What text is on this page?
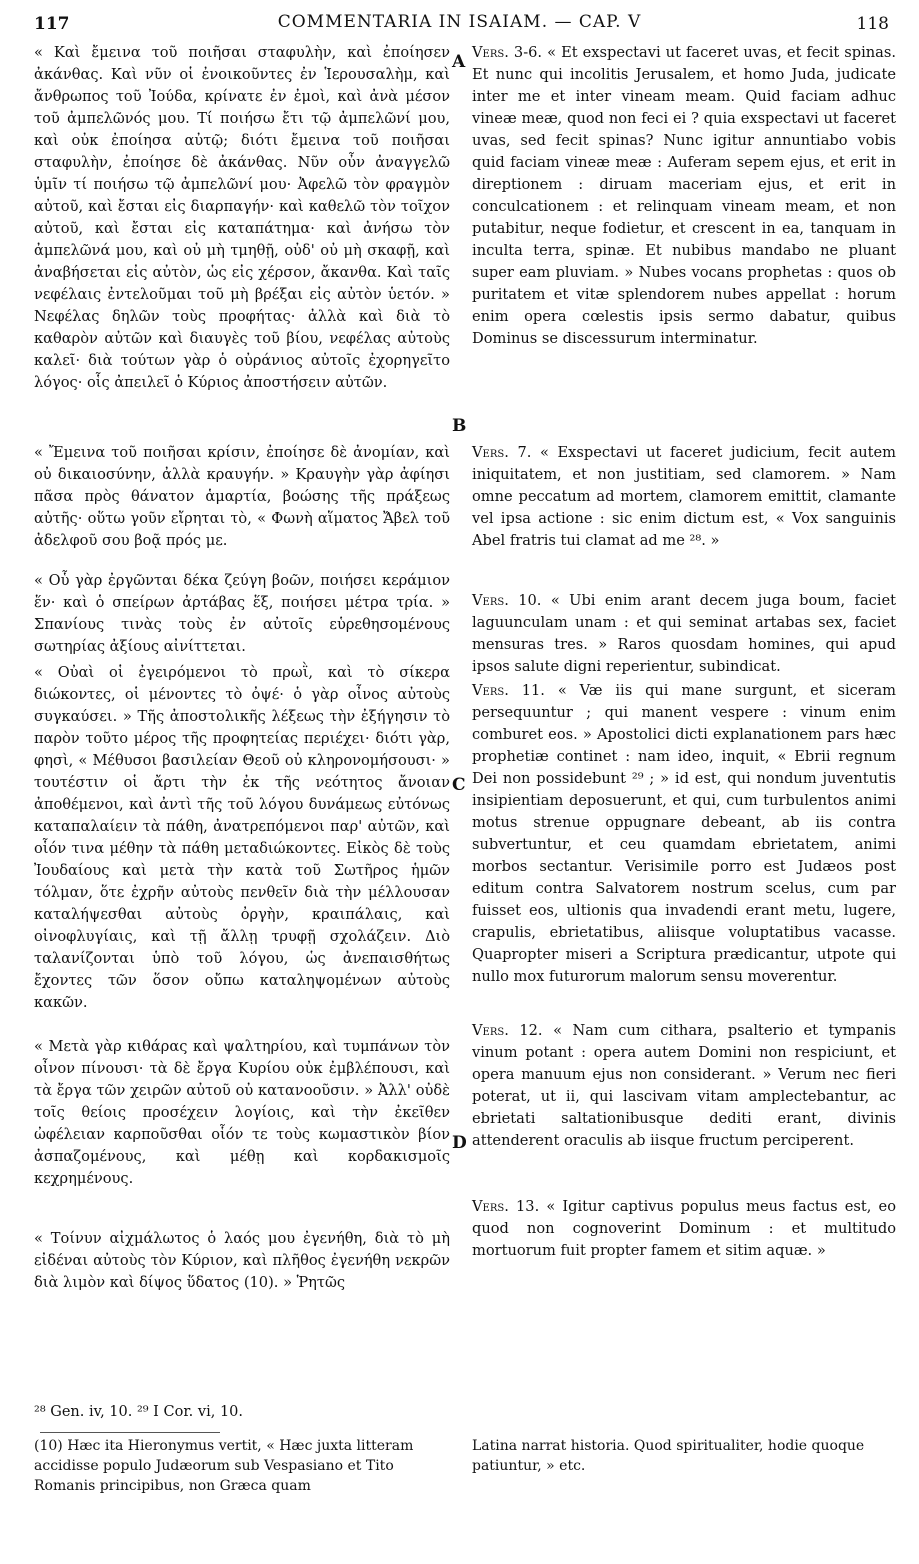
117	COMMENTARIA IN ISAIAM. — CAP. V	118

« Καὶ ἔμεινα τοῦ ποιῆσαι σταφυλὴν, καὶ ἐποίησεν ἀκάνθας. Καὶ νῦν οἱ ἐνοικοῦντες ἐν Ἱερουσαλὴμ, καὶ ἄνθρωπος τοῦ Ἰούδα, κρίνατε ἐν ἐμοὶ, καὶ ἀνὰ μέσον τοῦ ἀμπελῶνός μου. Τί ποιήσω ἔτι τῷ ἀμπελῶνί μου, καὶ οὐκ ἐποίησα αὐτῷ; διότι ἔμεινα τοῦ ποιῆσαι σταφυλὴν, ἐποίησε δὲ ἀκάνθας. Νῦν οὖν ἀναγγελῶ ὑμῖν τί ποιήσω τῷ ἀμπελῶνί μου· Ἀφελῶ τὸν φραγμὸν αὐτοῦ, καὶ ἔσται εἰς διαρπαγήν· καὶ καθελῶ τὸν τοῖχον αὐτοῦ, καὶ ἔσται εἰς καταπάτημα· καὶ ἀνήσω τὸν ἀμπελῶνά μου, καὶ οὐ μὴ τμηθῇ, οὐδ' οὐ μὴ σκαφῇ, καὶ ἀναβήσεται εἰς αὐτὸν, ὡς εἰς χέρσον, ἄκανθα. Καὶ ταῖς νεφέλαις ἐντελοῦμαι τοῦ μὴ βρέξαι εἰς αὐτὸν ὑετόν. » Νεφέλας δηλῶν τοὺς προφήτας· ἀλλὰ καὶ διὰ τὸ καθαρὸν αὐτῶν καὶ διαυγὲς τοῦ βίου, νεφέλας αὐτοὺς καλεῖ· διὰ τούτων γὰρ ὁ οὐράνιος αὐτοῖς ἐχορηγεῖτο λόγος· οἷς ἀπειλεῖ ὁ Κύριος ἀποστήσειν αὐτῶν.

« Ἔμεινα τοῦ ποιῆσαι κρίσιν, ἐποίησε δὲ ἀνομίαν, καὶ οὐ δικαιοσύνην, ἀλλὰ κραυγήν. » Κραυγὴν γὰρ ἀφίησι πᾶσα πρὸς θάνατον ἁμαρτία, βοώσης τῆς πράξεως αὐτῆς· οὕτω γοῦν εἴρηται τὸ, « Φωνὴ αἵματος Ἄβελ τοῦ ἀδελφοῦ σου βοᾷ πρός με.

« Οὗ γὰρ ἐργῶνται δέκα ζεύγη βοῶν, ποιήσει κεράμιον ἕν· καὶ ὁ σπείρων ἀρτάβας ἕξ, ποιήσει μέτρα τρία. » Σπανίους τινὰς τοὺς ἐν αὐτοῖς εὑρεθησομένους σωτηρίας ἀξίους αἰνίττεται.

« Οὐαὶ οἱ ἐγειρόμενοι τὸ πρωῒ, καὶ τὸ σίκερα διώκοντες, οἱ μένοντες τὸ ὀψέ· ὁ γὰρ οἶνος αὐτοὺς συγκαύσει. » Τῆς ἀποστολικῆς λέξεως τὴν ἐξήγησιν τὸ παρὸν τοῦτο μέρος τῆς προφητείας περιέχει· διότι γὰρ, φησὶ, « Μέθυσοι βασιλείαν Θεοῦ οὐ κληρονομήσουσι· » τουτέστιν οἱ ἄρτι τὴν ἐκ τῆς νεότητος ἄνοιαν ἀποθέμενοι, καὶ ἀντὶ τῆς τοῦ λόγου δυνάμεως εὐτόνως καταπαλαίειν τὰ πάθη, ἀνατρεπόμενοι παρ' αὐτῶν, καὶ οἷόν τινα μέθην τὰ πάθη μεταδιώκοντες. Εἰκὸς δὲ τοὺς Ἰουδαίους καὶ μετὰ τὴν κατὰ τοῦ Σωτῆρος ἡμῶν τόλμαν, ὅτε ἐχρῆν αὐτοὺς πενθεῖν διὰ τὴν μέλλουσαν καταλήψεσθαι αὐτοὺς ὀργὴν, κραιπάλαις, καὶ οἰνοφλυγίαις, καὶ τῇ ἄλλῃ τρυφῇ σχολάζειν. Διὸ ταλανίζονται ὑπὸ τοῦ λόγου, ὡς ἀνεπαισθήτως ἔχοντες τῶν ὅσον οὔπω καταληψομένων αὐτοὺς κακῶν.

« Μετὰ γὰρ κιθάρας καὶ ψαλτηρίου, καὶ τυμπάνων τὸν οἶνον πίνουσι· τὰ δὲ ἔργα Κυρίου οὐκ ἐμβλέπουσι, καὶ τὰ ἔργα τῶν χειρῶν αὐτοῦ οὐ κατανοοῦσιν. » Ἀλλ' οὐδὲ τοῖς θείοις προσέχειν λογίοις, καὶ τὴν ἐκεῖθεν ὠφέλειαν καρποῦσθαι οἷόν τε τοὺς κωμαστικὸν βίον ἀσπαζομένους, καὶ μέθῃ καὶ κορδακισμοῖς κεχρημένους.

« Τοίνυν αἰχμάλωτος ὁ λαός μου ἐγενήθη, διὰ τὸ μὴ εἰδέναι αὐτοὺς τὸν Κύριον, καὶ πλῆθος ἐγενήθη νεκρῶν διὰ λιμὸν καὶ δίψος ὕδατος (10). » Ῥητῶς

Vers. 3-6. « Et exspectavi ut faceret uvas, et fecit spinas. Et nunc qui incolitis Jerusalem, et homo Juda, judicate inter me et inter vineam meam. Quid faciam adhuc vineæ meæ, quod non feci ei ? quia exspectavi ut faceret uvas, sed fecit spinas? Nunc igitur annuntiabo vobis quid faciam vineæ meæ : Auferam sepem ejus, et erit in direptionem : diruam maceriam ejus, et erit in conculcationem : et relinquam vineam meam, et non putabitur, neque fodietur, et crescent in ea, tanquam in inculta terra, spinæ. Et nubibus mandabo ne pluant super eam pluviam. » Nubes vocans prophetas : quos ob puritatem et vitæ splendorem nubes appellat : horum enim opera cœlestis ipsis sermo dabatur, quibus Dominus se discessurum interminatur.

Vers. 7. « Exspectavi ut faceret judicium, fecit autem iniquitatem, et non justitiam, sed clamorem. » Nam omne peccatum ad mortem, clamorem emittit, clamante vel ipsa actione : sic enim dictum est, « Vox sanguinis Abel fratris tui clamat ad me ²⁸. »

Vers. 10. « Ubi enim arant decem juga boum, faciet laguunculam unam : et qui seminat artabas sex, faciet mensuras tres. » Raros quosdam homines, qui apud ipsos salute digni reperientur, subindicat.

Vers. 11. « Væ iis qui mane surgunt, et siceram persequuntur ; qui manent vespere : vinum enim comburet eos. » Apostolici dicti explanationem pars hæc prophetiæ continet : nam ideo, inquit, « Ebrii regnum Dei non possidebunt ²⁹ ; » id est, qui nondum juventutis insipientiam deposuerunt, et qui, cum turbulentos animi motus strenue oppugnare debeant, ab iis contra subvertuntur, et ceu quamdam ebrietatem, animi morbos sectantur. Verisimile porro est Judæos post editum contra Salvatorem nostrum scelus, cum par fuisset eos, ultionis qua invadendi erant metu, lugere, crapulis, ebrietatibus, aliisque voluptatibus vacasse. Quapropter miseri a Scriptura prædicantur, utpote qui nullo mox futurorum malorum sensu moverentur.

Vers. 12. « Nam cum cithara, psalterio et tympanis vinum potant : opera autem Domini non respiciunt, et opera manuum ejus non considerant. » Verum nec fieri poterat, ut ii, qui lascivam vitam amplectebantur, ac ebrietati saltationibusque dediti erant, divinis attenderent oraculis ab iisque fructum perciperent.

Vers. 13. « Igitur captivus populus meus factus est, eo quod non cognoverint Dominum : et multitudo mortuorum fuit propter famem et sitim aquæ. »

A
B
C
D
²⁸ Gen. iv, 10. ²⁹ I Cor. vi, 10.
(10) Hæc ita Hieronymus vertit, « Hæc juxta litteram accidisse populo Judæorum sub Vespasiano et Tito Romanis principibus, non Græca quam
Latina narrat historia. Quod spiritualiter, hodie quoque patiuntur, » etc.
